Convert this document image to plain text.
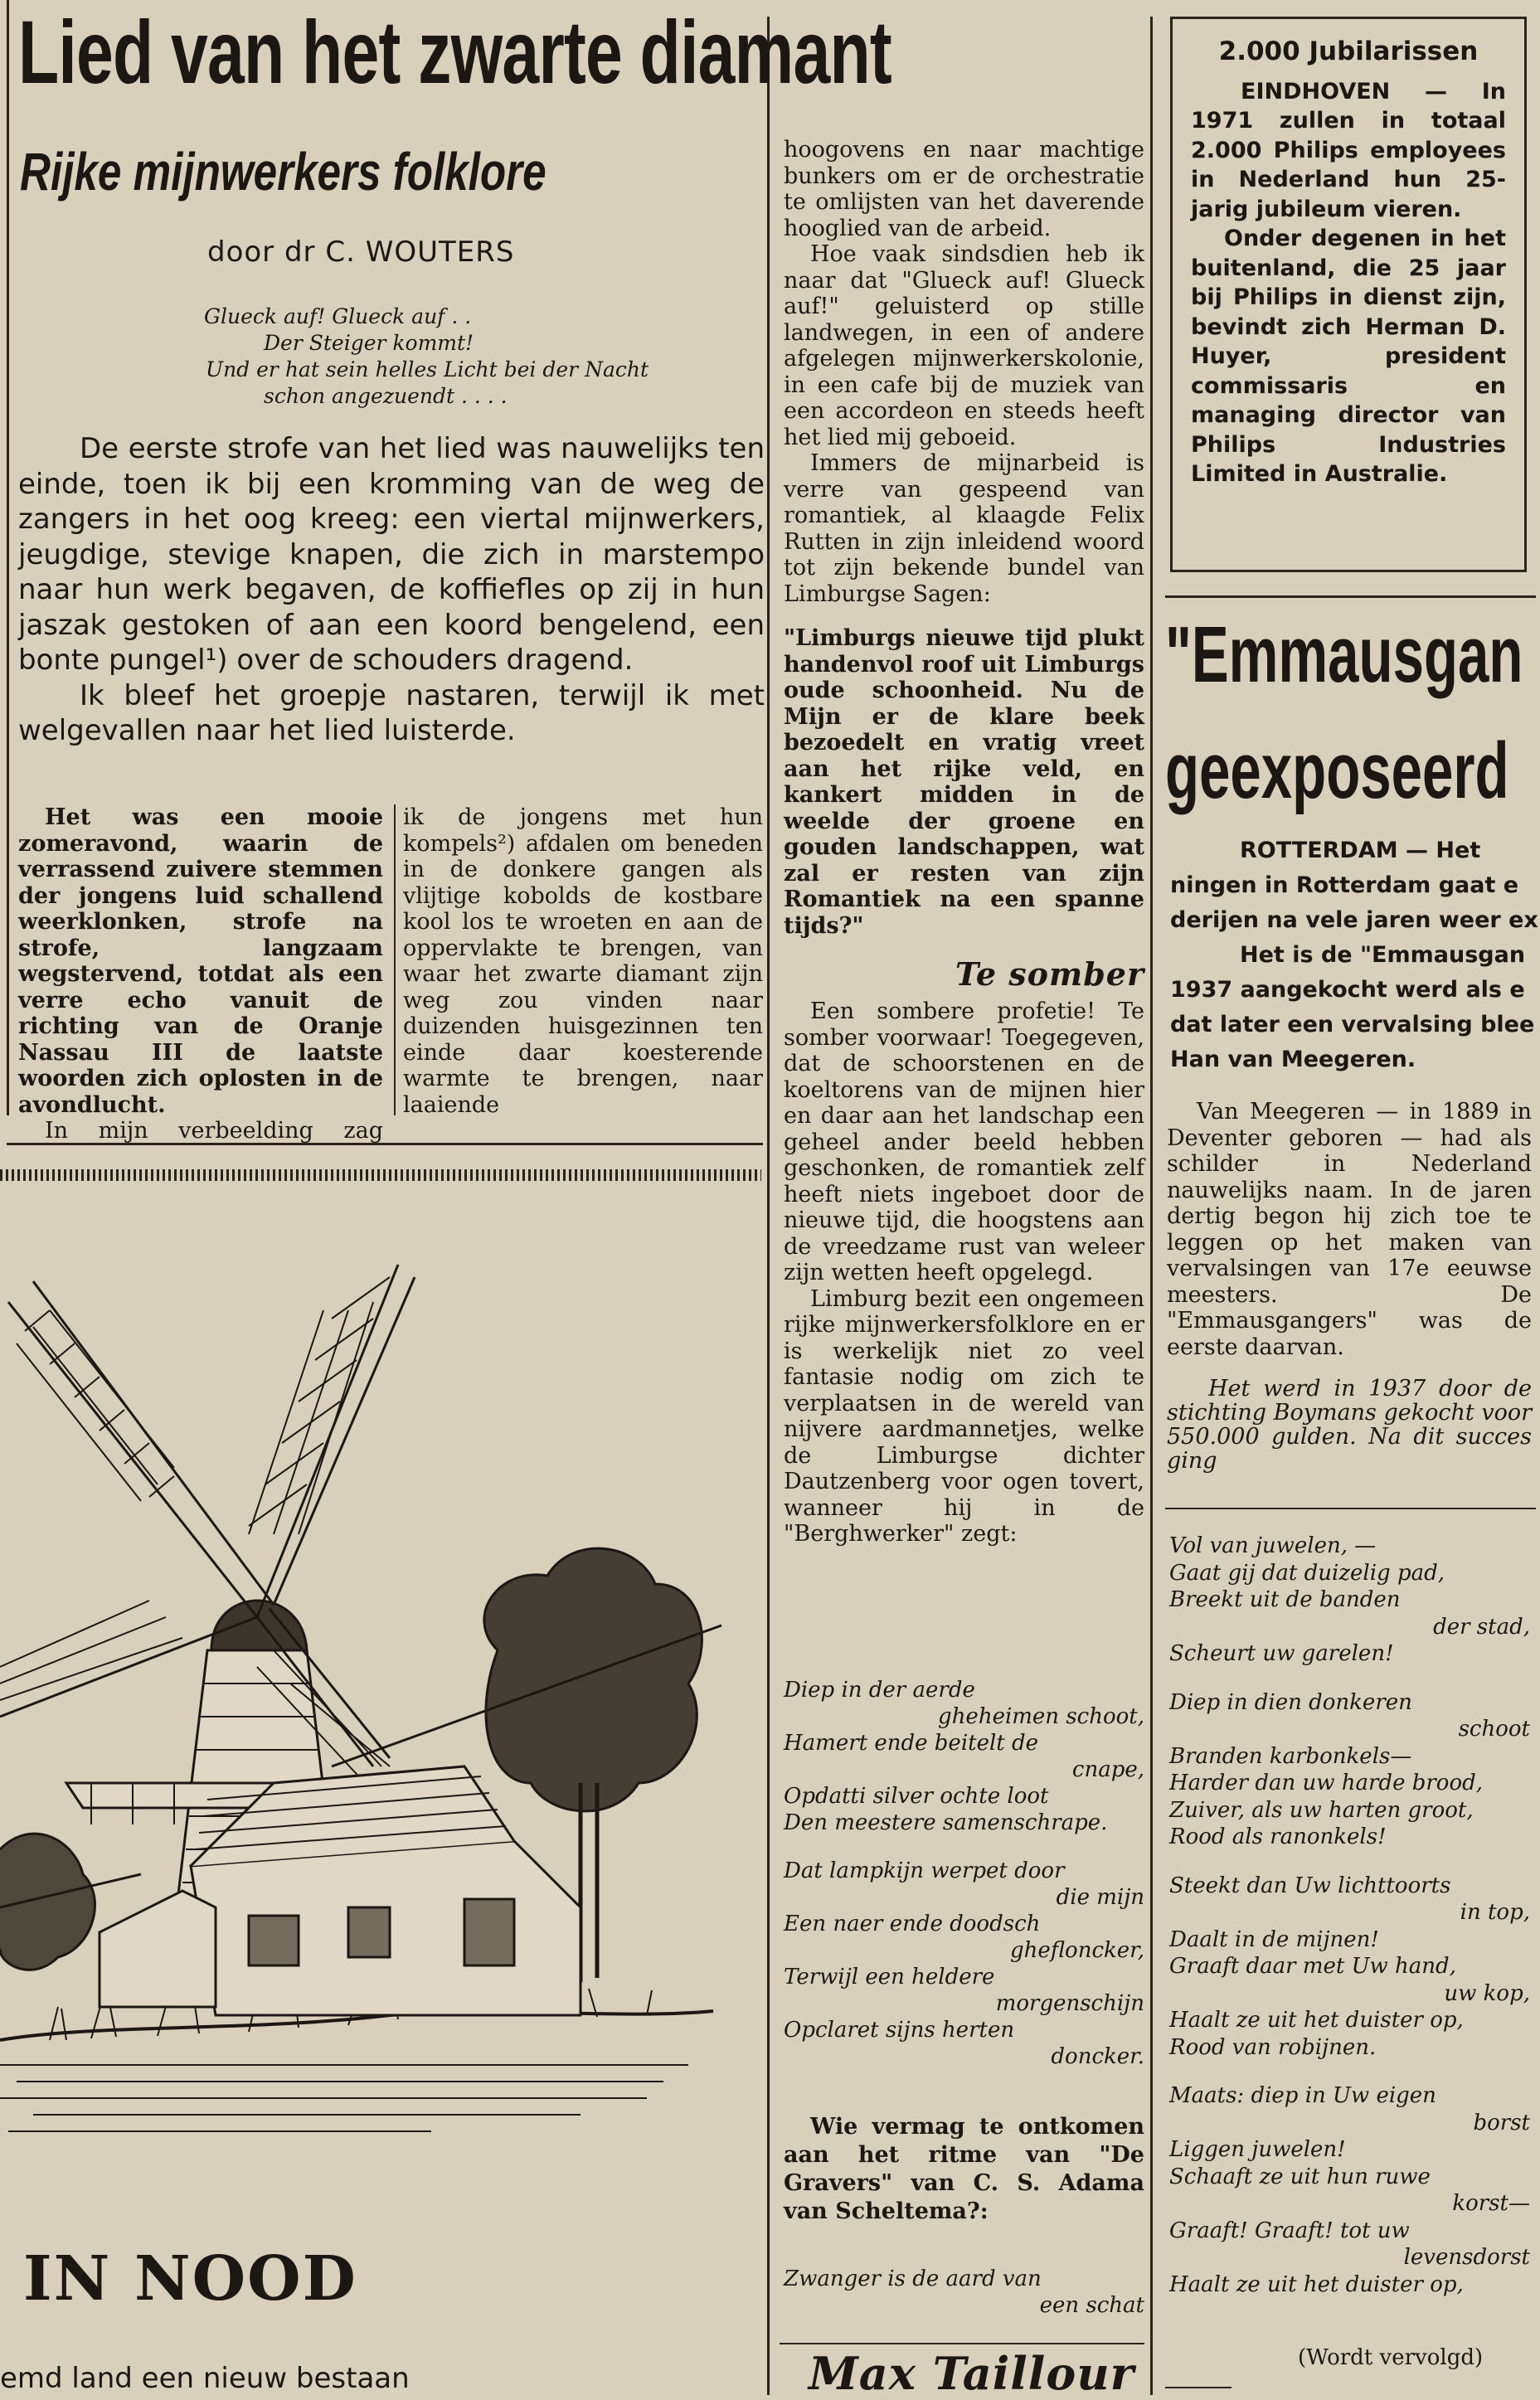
Lied van het zwarte diamant
Rijke mijnwerkers folklore
door dr C. WOUTERS
Glueck auf! Glueck auf . .
Der Steiger kommt!
Und er hat sein helles Licht bei der Nacht
schon angezuendt . . . .

De eerste strofe van het lied was nauwelijks ten einde, toen ik bij een kromming van de weg de zangers in het oog kreeg: een viertal mijnwerkers, jeugdige, stevige knapen, die zich in marstempo naar hun werk begaven, de koffiefles op zij in hun jaszak gestoken of aan een koord bengelend, een bonte pungel¹) over de schouders dragend.

Ik bleef het groepje nastaren, terwijl ik met welgevallen naar het lied luisterde.

Het was een mooie zomeravond, waarin de verrassend zuivere stemmen der jongens luid schallend weerklonken, strofe na strofe, langzaam wegstervend, totdat als een verre echo vanuit de richting van de Oranje Nassau III de laatste woorden zich oplosten in de avondlucht.

In mijn verbeelding zag

ik de jongens met hun kompels²) afdalen om beneden in de donkere gangen als vlijtige kobolds de kostbare kool los te wroeten en aan de oppervlakte te brengen, van waar het zwarte diamant zijn weg zou vinden naar duizenden huisgezinnen ten einde daar koesterende warmte te brengen, naar laaiende

hoogovens en naar machtige bunkers om er de orchestratie te omlijsten van het daverende hooglied van de arbeid.

Hoe vaak sindsdien heb ik naar dat "Glueck auf! Glueck auf!" geluisterd op stille landwegen, in een of andere afgelegen mijnwerkerskolonie, in een cafe bij de muziek van een accordeon en steeds heeft het lied mij geboeid.

Immers de mijnarbeid is verre van gespeend van romantiek, al klaagde Felix Rutten in zijn inleidend woord tot zijn bekende bundel van Limburgse Sagen:

"Limburgs nieuwe tijd plukt handenvol roof uit Limburgs oude schoonheid. Nu de Mijn er de klare beek bezoedelt en vratig vreet aan het rijke veld, en kankert midden in de weelde der groene en gouden landschappen, wat zal er resten van zijn Romantiek na een spanne tijds?"

Te somber

Een sombere profetie! Te somber voorwaar! Toegegeven, dat de schoorstenen en de koeltorens van de mijnen hier en daar aan het landschap een geheel ander beeld hebben geschonken, de romantiek zelf heeft niets ingeboet door de nieuwe tijd, die hoogstens aan de vreedzame rust van weleer zijn wetten heeft opgelegd.

Limburg bezit een ongemeen rijke mijnwerkersfolklore en er is werkelijk niet zo veel fantasie nodig om zich te verplaatsen in de wereld van nijvere aardmannetjes, welke de Limburgse dichter Dautzenberg voor ogen tovert, wanneer hij in de "Berghwerker" zegt:

Diep in der aerde
gheheimen schoot,
Hamert ende beitelt de
cnape,
Opdatti silver ochte loot
Den meestere samenschrape.
Dat lampkijn werpet door
die mijn
Een naer ende doodsch
ghefloncker,
Terwijl een heldere
morgenschijn
Opclaret sijns herten
doncker.

Wie vermag te ontkomen aan het ritme van "De Gravers" van C. S. Adama van Scheltema?:

Zwanger is de aard van
een schat
Max Taillour
2.000 Jubilarissen
EINDHOVEN — In 1971 zullen in totaal 2.000 Philips employees in Nederland hun 25-jarig jubileum vieren.
Onder degenen in het buitenland, die 25 jaar bij Philips in dienst zijn, bevindt zich Herman D. Huyer, president commissaris en managing director van Philips Industries Limited in Australie.
"Emmausgan
geexposeerd
ROTTERDAM — Het
ningen in Rotterdam gaat e
derijen na vele jaren weer ex
Het is de "Emmausgan
1937 aangekocht werd als e
dat later een vervalsing blee
Han van Meegeren.
Van Meegeren — in 1889 in Deventer geboren — had als schilder in Nederland nauwelijks naam. In de jaren dertig begon hij zich toe te leggen op het maken van vervalsingen van 17e eeuwse meesters. De "Emmausgangers" was de eerste daarvan.
Het werd in 1937 door de stichting Boymans gekocht voor 550.000 gulden. Na dit succes ging
Vol van juwelen, —
Gaat gij dat duizelig pad,
Breekt uit de banden
der stad,
Scheurt uw garelen!
Diep in dien donkeren
schoot
Branden karbonkels—
Harder dan uw harde brood,
Zuiver, als uw harten groot,
Rood als ranonkels!
Steekt dan Uw lichttoorts
in top,
Daalt in de mijnen!
Graaft daar met Uw hand,
uw kop,
Haalt ze uit het duister op,
Rood van robijnen.
Maats: diep in Uw eigen
borst
Liggen juwelen!
Schaaft ze uit hun ruwe
korst—
Graaft! Graaft! tot uw
levensdorst
Haalt ze uit het duister op,
(Wordt vervolgd)
IN NOOD
emd land een nieuw bestaan
